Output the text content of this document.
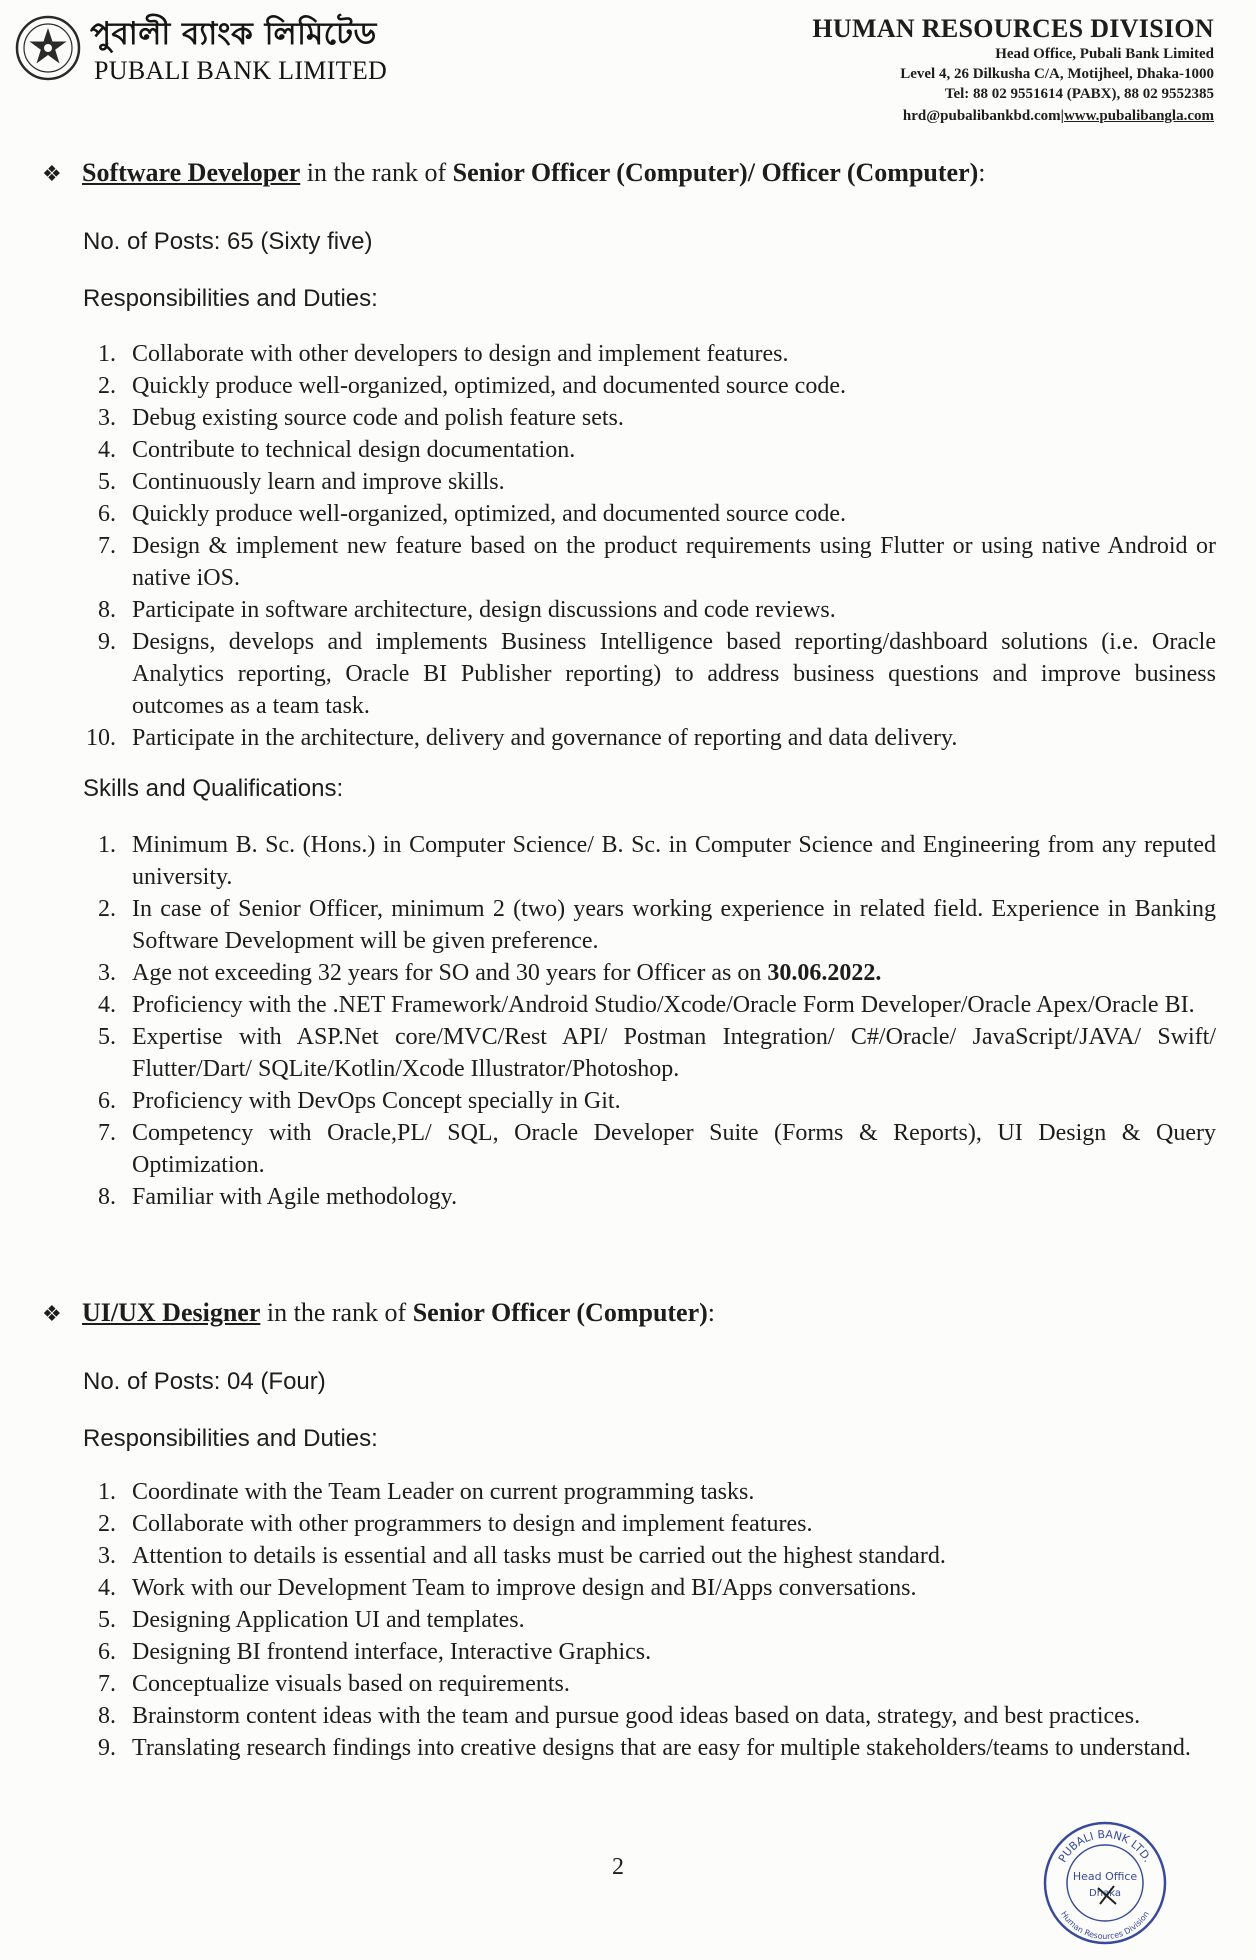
পুবালী ব্যাংক লিমিটেড
PUBALI BANK LIMITED
HUMAN RESOURCES DIVISION
Head Office, Pubali Bank Limited
Level 4, 26 Dilkusha C/A, Motijheel, Dhaka-1000
Tel: 88 02 9551614 (PABX), 88 02 9552385
hrd@pubalibankbd.com|www.pubalibangla.com
❖ Software Developer in the rank of Senior Officer (Computer)/ Officer (Computer):
No. of Posts: 65 (Sixty five)
Responsibilities and Duties:
1. Collaborate with other developers to design and implement features.
2. Quickly produce well-organized, optimized, and documented source code.
3. Debug existing source code and polish feature sets.
4. Contribute to technical design documentation.
5. Continuously learn and improve skills.
6. Quickly produce well-organized, optimized, and documented source code.
7. Design & implement new feature based on the product requirements using Flutter or using native Android or native iOS.
8. Participate in software architecture, design discussions and code reviews.
9. Designs, develops and implements Business Intelligence based reporting/dashboard solutions (i.e. Oracle Analytics reporting, Oracle BI Publisher reporting) to address business questions and improve business outcomes as a team task.
10. Participate in the architecture, delivery and governance of reporting and data delivery.
Skills and Qualifications:
1. Minimum B. Sc. (Hons.) in Computer Science/ B. Sc. in Computer Science and Engineering from any reputed university.
2. In case of Senior Officer, minimum 2 (two) years working experience in related field. Experience in Banking Software Development will be given preference.
3. Age not exceeding 32 years for SO and 30 years for Officer as on 30.06.2022.
4. Proficiency with the .NET Framework/Android Studio/Xcode/Oracle Form Developer/Oracle Apex/Oracle BI.
5. Expertise with ASP.Net core/MVC/Rest API/ Postman Integration/ C#/Oracle/ JavaScript/JAVA/ Swift/ Flutter/Dart/ SQLite/Kotlin/Xcode Illustrator/Photoshop.
6. Proficiency with DevOps Concept specially in Git.
7. Competency with Oracle,PL/ SQL, Oracle Developer Suite (Forms & Reports), UI Design & Query Optimization.
8. Familiar with Agile methodology.
❖ UI/UX Designer in the rank of Senior Officer (Computer):
No. of Posts: 04 (Four)
Responsibilities and Duties:
1. Coordinate with the Team Leader on current programming tasks.
2. Collaborate with other programmers to design and implement features.
3. Attention to details is essential and all tasks must be carried out the highest standard.
4. Work with our Development Team to improve design and BI/Apps conversations.
5. Designing Application UI and templates.
6. Designing BI frontend interface, Interactive Graphics.
7. Conceptualize visuals based on requirements.
8. Brainstorm content ideas with the team and pursue good ideas based on data, strategy, and best practices.
9. Translating research findings into creative designs that are easy for multiple stakeholders/teams to understand.
2	PUBALI BANK LTD.
Human Resources Division
Head Office
Dhaka
